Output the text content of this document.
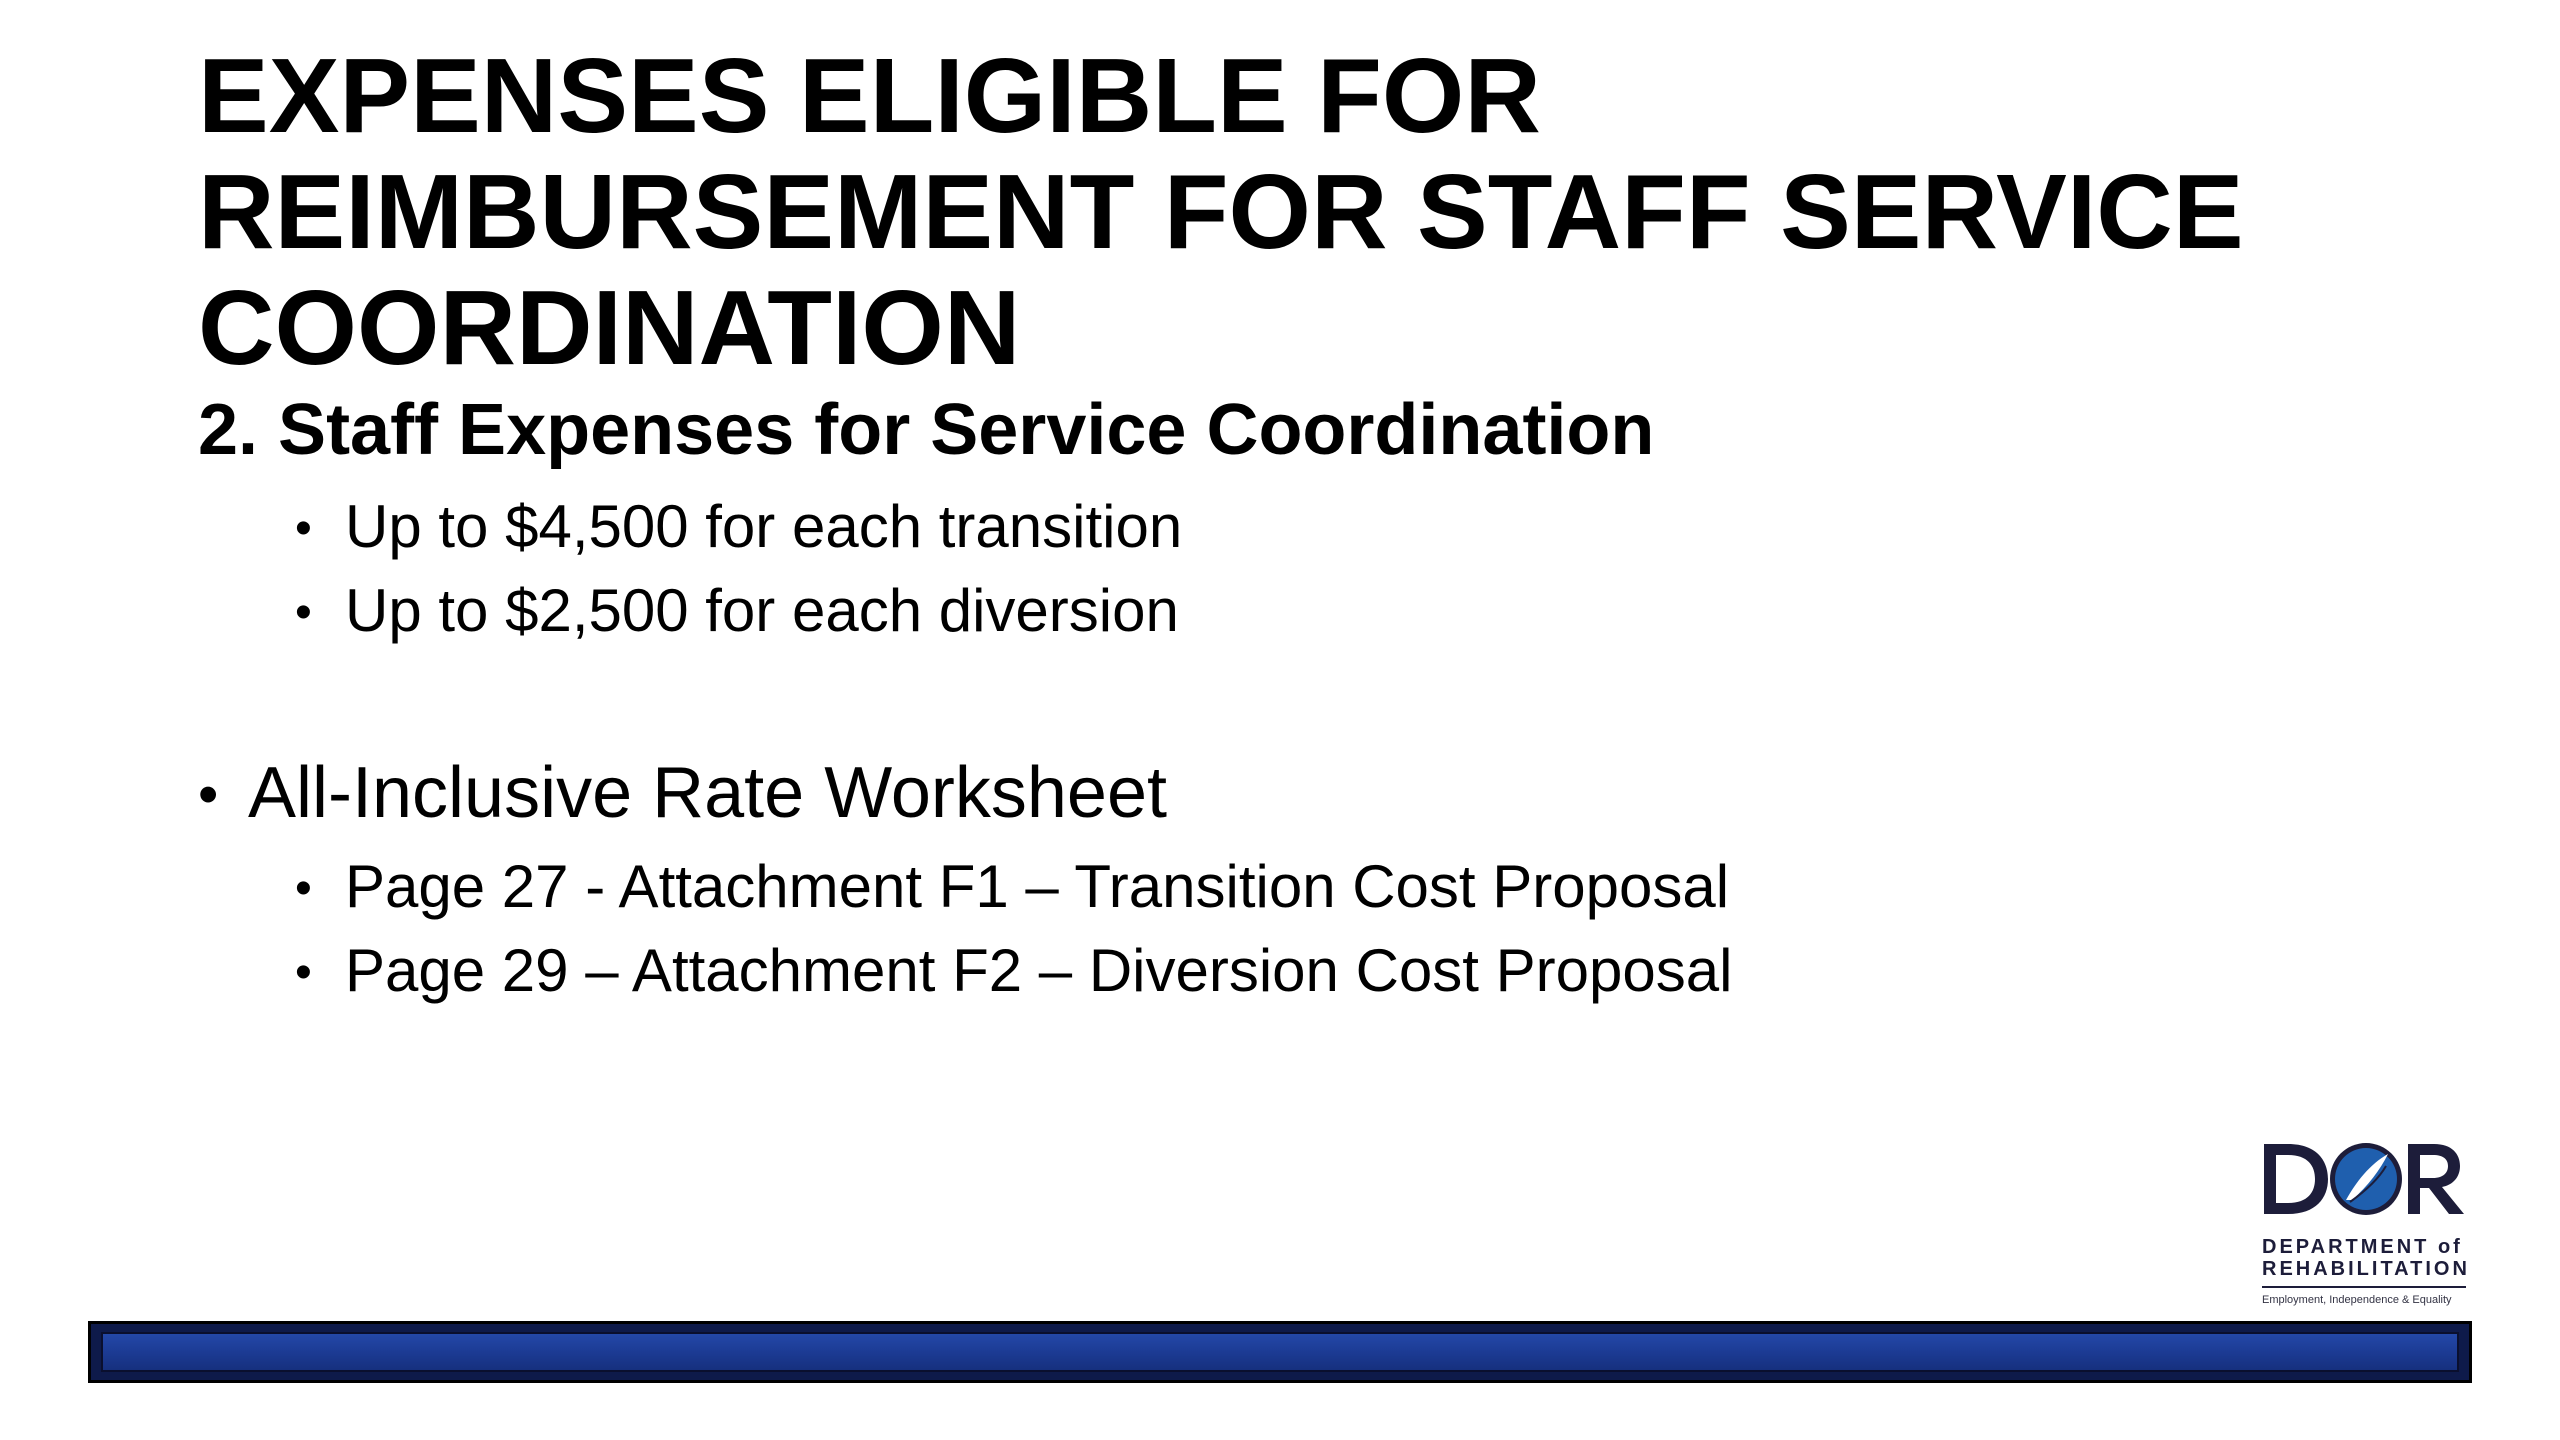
EXPENSES ELIGIBLE FOR
REIMBURSEMENT FOR STAFF SERVICE
COORDINATION
2. Staff Expenses for Service Coordination
• Up to $4,500 for each transition
• Up to $2,500 for each diversion
• All-Inclusive Rate Worksheet
• Page 27 - Attachment F1 – Transition Cost Proposal
• Page 29 – Attachment F2 – Diversion Cost Proposal
DEPARTMENT of
REHABILITATION
Employment, Independence & Equality
